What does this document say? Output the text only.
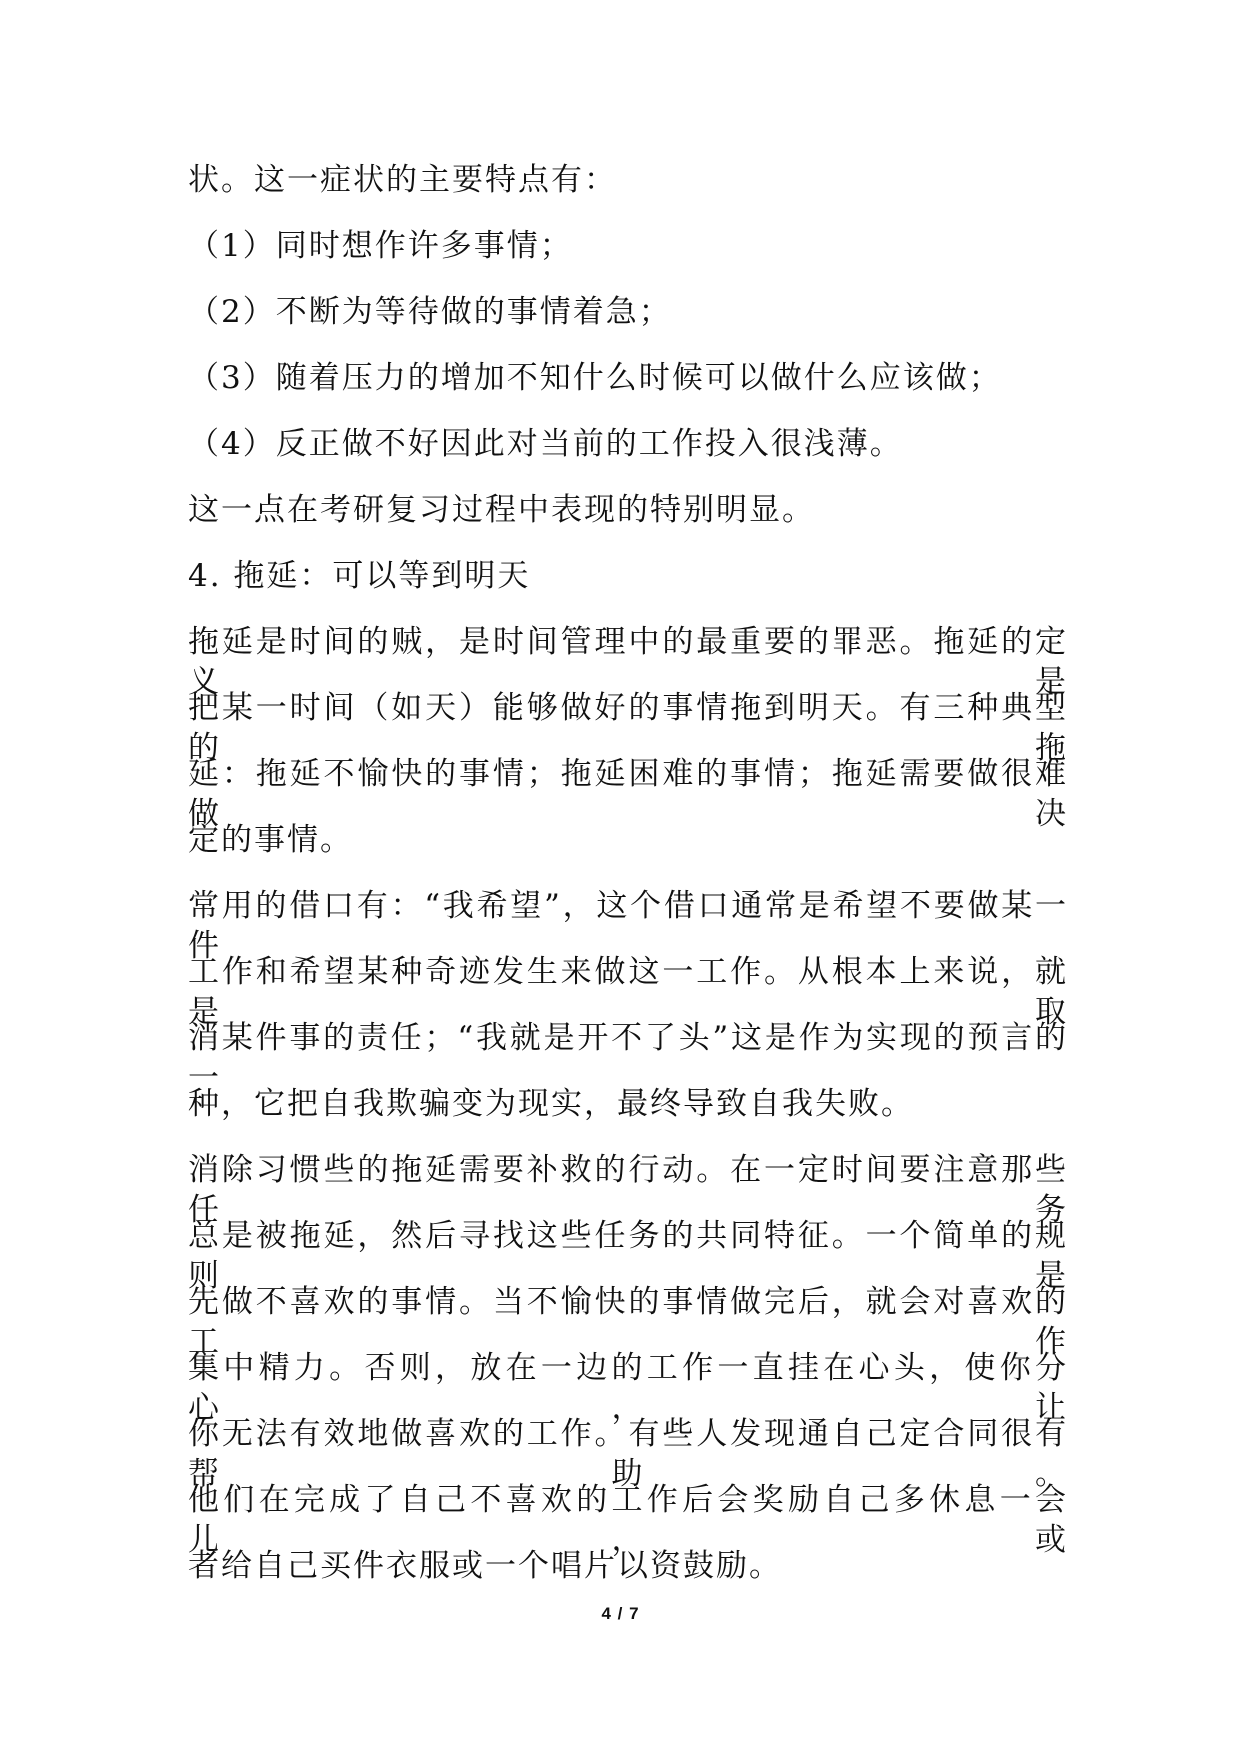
状。这一症状的主要特点有：
（1）同时想作许多事情；
（2）不断为等待做的事情着急；
（3）随着压力的增加不知什么时候可以做什么应该做；
（4）反正做不好因此对当前的工作投入很浅薄。
这一点在考研复习过程中表现的特别明显。
4. 拖延：可以等到明天
拖延是时间的贼，是时间管理中的最重要的罪恶。拖延的定义是
把某一时间（如天）能够做好的事情拖到明天。有三种典型的拖
延：拖延不愉快的事情；拖延困难的事情；拖延需要做很难做决
定的事情。
常用的借口有：“我希望”，这个借口通常是希望不要做某一件
工作和希望某种奇迹发生来做这一工作。从根本上来说，就是取
消某件事的责任；“我就是开不了头”这是作为实现的预言的一
种，它把自我欺骗变为现实，最终导致自我失败。
消除习惯些的拖延需要补救的行动。在一定时间要注意那些任务
总是被拖延，然后寻找这些任务的共同特征。一个简单的规则是
先做不喜欢的事情。当不愉快的事情做完后，就会对喜欢的工作
集中精力。否则，放在一边的工作一直挂在心头，使你分心，让
你无法有效地做喜欢的工作。有些人发现通自己定合同很有帮助。
他们在完成了自己不喜欢的工作后会奖励自己多休息一会儿，或
者给自己买件衣服或一个唱片以资鼓励。
4 / 7
